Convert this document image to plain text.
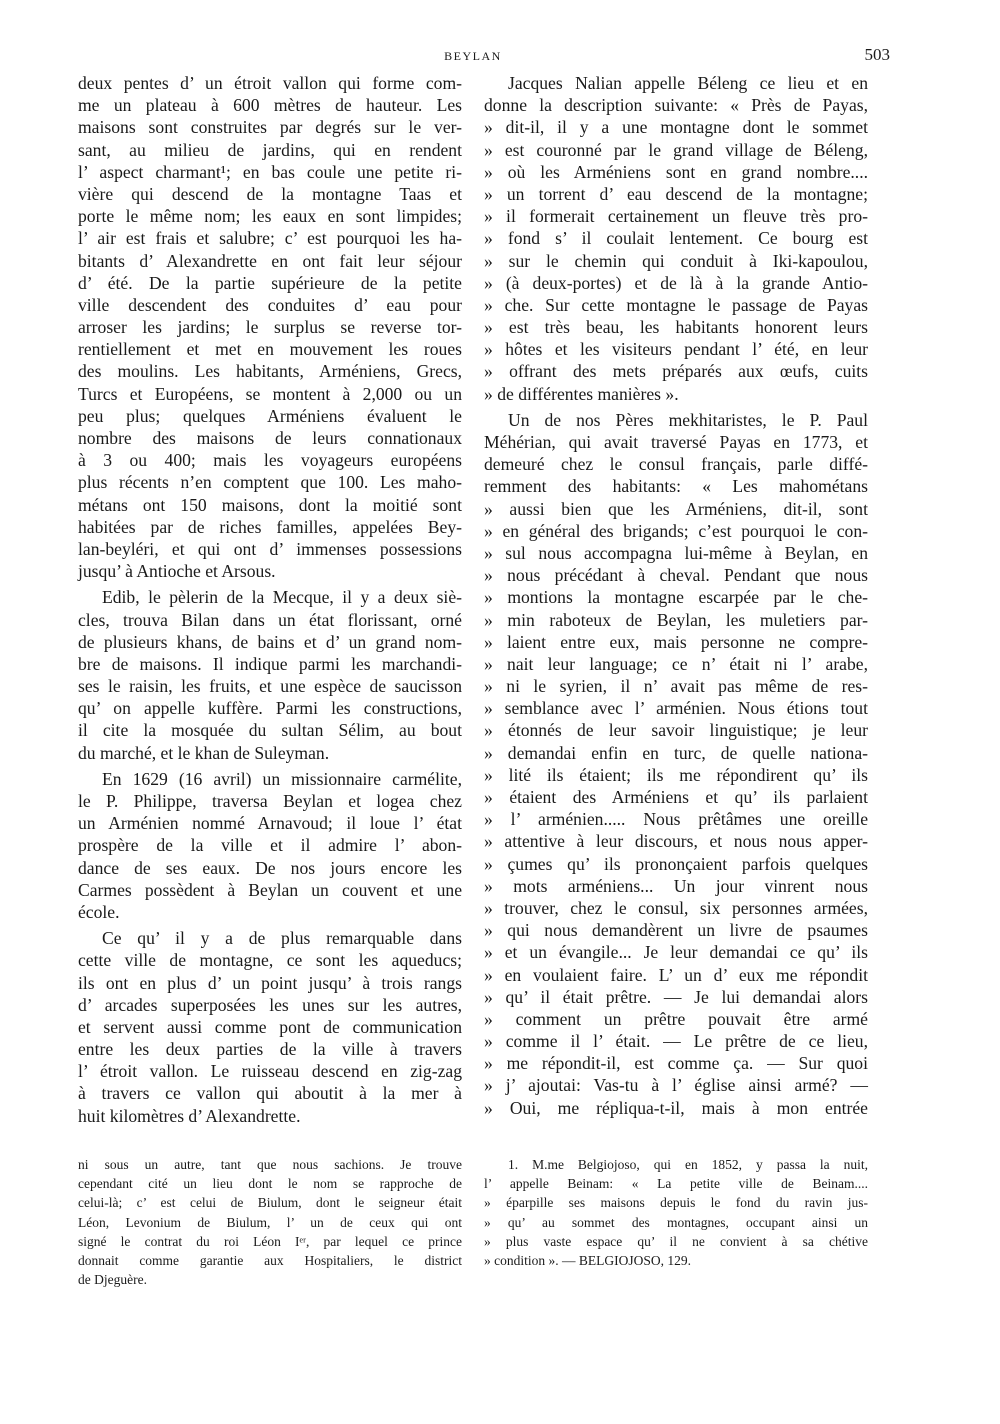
BEYLAN	503
deux pentes d’ un étroit vallon qui forme com-
me un plateau à 600 mètres de hauteur. Les
maisons sont construites par degrés sur le ver-
sant, au milieu de jardins, qui en rendent
l’ aspect charmant¹; en bas coule une petite ri-
vière qui descend de la montagne Taas et
porte le même nom; les eaux en sont limpides;
l’ air est frais et salubre; c’ est pourquoi les ha-
bitants d’ Alexandrette en ont fait leur séjour
d’ été. De la partie supérieure de la petite
ville descendent des conduites d’ eau pour
arroser les jardins; le surplus se reverse tor-
rentiellement et met en mouvement les roues
des moulins. Les habitants, Arméniens, Grecs,
Turcs et Européens, se montent à 2,000 ou un
peu plus; quelques Arméniens évaluent le
nombre des maisons de leurs connationaux
à 3 ou 400; mais les voyageurs européens
plus récents n’en comptent que 100. Les maho-
métans ont 150 maisons, dont la moitié sont
habitées par de riches familles, appelées Bey-
lan-beyléri, et qui ont d’ immenses possessions
jusqu’ à Antioche et Arsous.
Edib, le pèlerin de la Mecque, il y a deux siè-
cles, trouva Bilan dans un état florissant, orné
de plusieurs khans, de bains et d’ un grand nom-
bre de maisons. Il indique parmi les marchandi-
ses le raisin, les fruits, et une espèce de saucisson
qu’ on appelle kuffère. Parmi les constructions,
il cite la mosquée du sultan Sélim, au bout
du marché, et le khan de Suleyman.
En 1629 (16 avril) un missionnaire carmélite,
le P. Philippe, traversa Beylan et logea chez
un Arménien nommé Arnavoud; il loue l’ état
prospère de la ville et il admire l’ abon-
dance de ses eaux. De nos jours encore les
Carmes possèdent à Beylan un couvent et une
école.
Ce qu’ il y a de plus remarquable dans
cette ville de montagne, ce sont les aqueducs;
ils ont en plus d’ un point jusqu’ à trois rangs
d’ arcades superposées les unes sur les autres,
et servent aussi comme pont de communication
entre les deux parties de la ville à travers
l’ étroit vallon. Le ruisseau descend en zig-zag
à travers ce vallon qui aboutit à la mer à
huit kilomètres d’ Alexandrette.
Jacques Nalian appelle Béleng ce lieu et en
donne la description suivante: « Près de Payas,
» dit-il, il y a une montagne dont le sommet
» est couronné par le grand village de Béleng,
» où les Arméniens sont en grand nombre....
» un torrent d’ eau descend de la montagne;
» il formerait certainement un fleuve très pro-
» fond s’ il coulait lentement. Ce bourg est
» sur le chemin qui conduit à Iki-kapoulou,
» (à deux-portes) et de là à la grande Antio-
» che. Sur cette montagne le passage de Payas
» est très beau, les habitants honorent leurs
» hôtes et les visiteurs pendant l’ été, en leur
» offrant des mets préparés aux œufs, cuits
» de différentes manières ».
Un de nos Pères mekhitaristes, le P. Paul
Méhérian, qui avait traversé Payas en 1773, et
demeuré chez le consul français, parle diffé-
remment des habitants: « Les mahométans
» aussi bien que les Arméniens, dit-il, sont
» en général des brigands; c’est pourquoi le con-
» sul nous accompagna lui-même à Beylan, en
» nous précédant à cheval. Pendant que nous
» montions la montagne escarpée par le che-
» min raboteux de Beylan, les muletiers par-
» laient entre eux, mais personne ne compre-
» nait leur language; ce n’ était ni l’ arabe,
» ni le syrien, il n’ avait pas même de res-
» semblance avec l’ arménien. Nous étions tout
» étonnés de leur savoir linguistique; je leur
» demandai enfin en turc, de quelle nationa-
» lité ils étaient; ils me répondirent qu’ ils
» étaient des Arméniens et qu’ ils parlaient
» l’ arménien..... Nous prêtâmes une oreille
» attentive à leur discours, et nous nous apper-
» çumes qu’ ils prononçaient parfois quelques
» mots arméniens... Un jour vinrent nous
» trouver, chez le consul, six personnes armées,
» qui nous demandèrent un livre de psaumes
» et un évangile... Je leur demandai ce qu’ ils
» en voulaient faire. L’ un d’ eux me répondit
» qu’ il était prêtre. — Je lui demandai alors
» comment un prêtre pouvait être armé
» comme il l’ était. — Le prêtre de ce lieu,
» me répondit-il, est comme ça. — Sur quoi
» j’ ajoutai: Vas-tu à l’ église ainsi armé? —
» Oui, me répliqua-t-il, mais à mon entrée
ni sous un autre, tant que nous sachions. Je trouve
cependant cité un lieu dont le nom se rapproche de
celui-là; c’ est celui de Biulum, dont le seigneur était
Léon, Levonium de Biulum, l’ un de ceux qui ont
signé le contrat du roi Léon Iᵉʳ, par lequel ce prince
donnait comme garantie aux Hospitaliers, le district
de Djeguère.
1. M.me Belgiojoso, qui en 1852, y passa la nuit,
l’ appelle Beinam: « La petite ville de Beinam....
» éparpille ses maisons depuis le fond du ravin jus-
» qu’ au sommet des montagnes, occupant ainsi un
» plus vaste espace qu’ il ne convient à sa chétive
» condition ». — BELGIOJOSO, 129.
